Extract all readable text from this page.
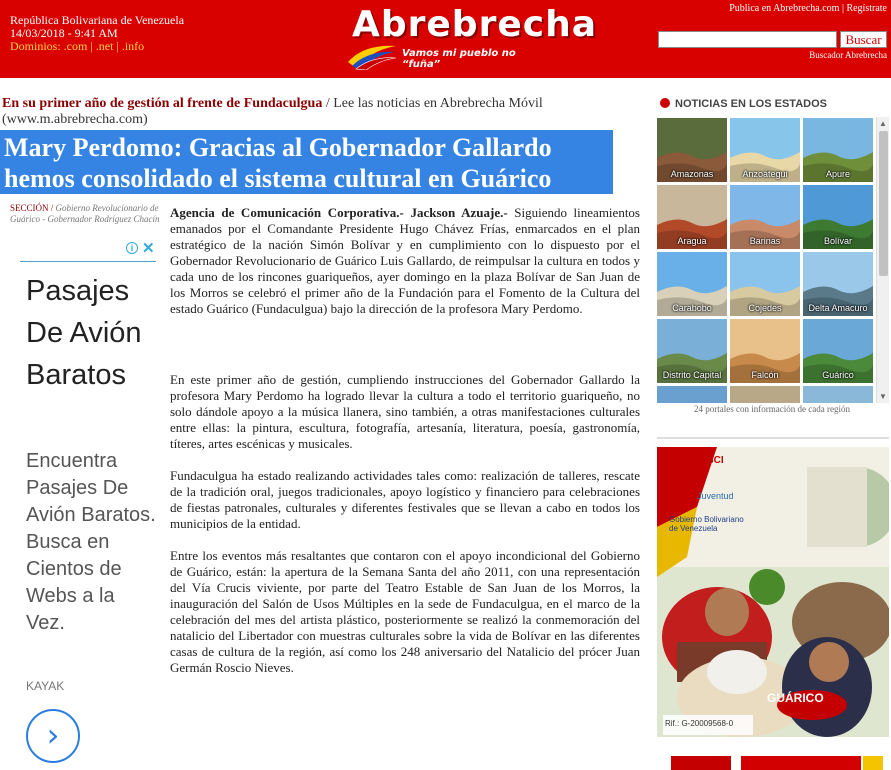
República Bolivariana de Venezuela
14/03/2018 - 9:41 AM
Dominios: .com | .net | .info
Abrebrecha
Vamos mi pueblo no “fuña”
Publica en Abrebrecha.com | Regístrate
Buscar
Buscador Abrebrecha
En su primer año de gestión al frente de Fundaculgua / Lee las noticias en Abrebrecha Móvil (www.m.abrebrecha.com)
Mary Perdomo: Gracias al Gobernador Gallardo hemos consolidado el sistema cultural en Guárico
SECCIÓN / Gobierno Revolucionario de Guárico - Gobernador Rodríguez Chacín
i ✕
Pasajes De Avión Baratos
Encuentra Pasajes De Avión Baratos. Busca en Cientos de Webs a la Vez.
KAYAK
›

Agencia de Comunicación Corporativa.- Jackson Azuaje.- Siguiendo lineamientos emanados por el Comandante Presidente Hugo Chávez Frías, enmarcados en el plan estratégico de la nación Simón Bolívar y en cumplimiento con lo dispuesto por el Gobernador Revolucionario de Guárico Luis Gallardo, de reimpulsar la cultura en todos y cada uno de los rincones guariqueños, ayer domingo en la plaza Bolívar de San Juan de los Morros se celebró el primer año de la Fundación para el Fomento de la Cultura del estado Guárico (Fundaculgua) bajo la dirección de la profesora Mary Perdomo.

En este primer año de gestión, cumpliendo instrucciones del Gobernador Gallardo la profesora Mary Perdomo ha logrado llevar la cultura a todo el territorio guariqueño, no solo dándole apoyo a la música llanera, sino también, a otras manifestaciones culturales entre ellas: la pintura, escultura, fotografía, artesanía, literatura, poesía, gastronomía, títeres, artes escénicas y musicales.

Fundaculgua ha estado realizando actividades tales como: realización de talleres, rescate de la tradición oral, juegos tradicionales, apoyo logístico y financiero para celebraciones de fiestas patronales, culturales y diferentes festivales que se llevan a cabo en todos los municipios de la entidad.

Entre los eventos más resaltantes que contaron con el apoyo incondicional del Gobierno de Guárico, están: la apertura de la Semana Santa del año 2011, con una representación del Vía Crucis viviente, por parte del Teatro Estable de San Juan de los Morros, la inauguración del Salón de Usos Múltiples en la sede de Fundaculgua, en el marco de la celebración del mes del artista plástico, posteriormente se realizó la conmemoración del natalicio del Libertador con muestras culturales sobre la vida de Bolívar en las diferentes casas de cultura de la región, así como los 248 aniversario del Natalicio del prócer Juan Germán Roscio Nieves.

NOTICIAS EN LOS ESTADOS
Amazonas	Anzoátegui	Apure
Aragua	Barinas	Bolívar
Carabobo	Cojedes	Delta Amacuro
Distrito Capital	Falcón	Guárico
▲
▼
24 portales con información de cada región
SIBCI
Juventud
Gobierno Bolivariano de Venezuela
GUÁRICO
Rif.: G-20009568-0
